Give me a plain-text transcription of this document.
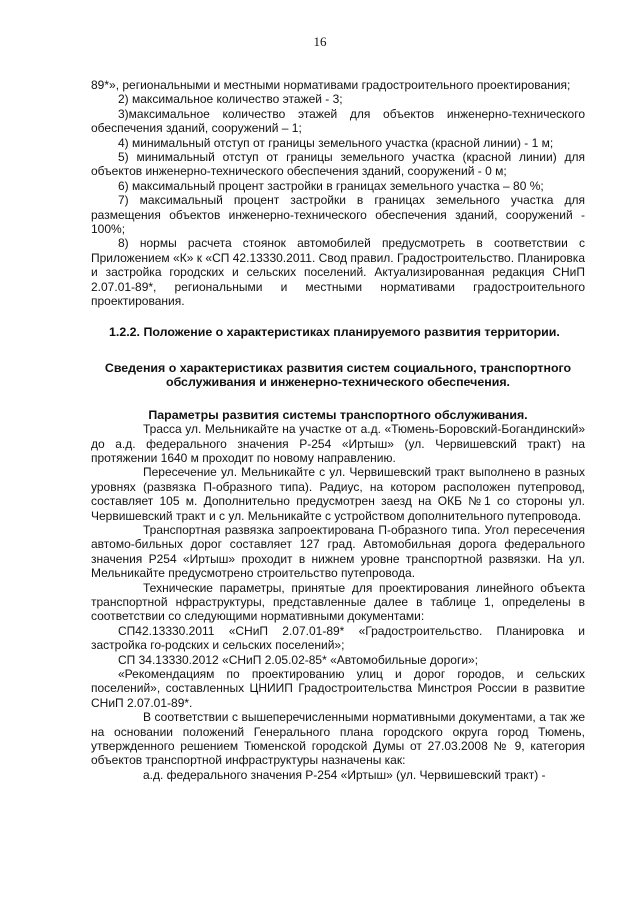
16

89*», региональными и местными нормативами градостроительного проектирования;

2) максимальное количество этажей - 3;

3)максимальное количество этажей для объектов инженерно-технического обеспечения зданий, сооружений – 1;

4) минимальный отступ от границы земельного участка (красной линии) - 1 м;

5) минимальный отступ от границы земельного участка (красной линии) для объектов инженерно-технического обеспечения зданий, сооружений - 0 м;

6) максимальный процент застройки в границах земельного участка – 80 %;

7) максимальный процент застройки в границах земельного участка для размещения объектов инженерно-технического обеспечения зданий, сооружений - 100%;

8) нормы расчета стоянок автомобилей предусмотреть в соответствии с Приложением «К» к «СП 42.13330.2011. Свод правил. Градостроительство. Планировка и застройка городских и сельских поселений. Актуализированная редакция СНиП 2.07.01-89*, региональными и местными нормативами градостроительного проектирования.

1.2.2. Положение о характеристиках планируемого развития территории.

Сведения о характеристиках развития систем социального, транспортного обслуживания и инженерно-технического обеспечения.

Параметры развития системы транспортного обслуживания.

Трасса ул. Мельникайте на участке от а.д. «Тюмень-Боровский-Богандинский» до а.д. федерального значения Р-254 «Иртыш» (ул. Червишевский тракт) на протяжении 1640 м проходит по новому направлению.

Пересечение ул. Мельникайте с ул. Червишевский тракт выполнено в разных уровнях (развязка П-образного типа). Радиус, на котором расположен путепровод, составляет 105 м. Дополнительно предусмотрен заезд на ОКБ №1 со стороны ул. Червишевский тракт и с ул. Мельникайте с устройством дополнительного путепровода.

Транспортная развязка запроектирована П-образного типа. Угол пересечения автомо-бильных дорог составляет 127 град. Автомобильная дорога федерального значения Р254 «Иртыш» проходит в нижнем уровне транспортной развязки. На ул. Мельникайте предусмотрено строительство путепровода.

Технические параметры, принятые для проектирования линейного объекта транспортной нфраструктуры, представленные далее в таблице 1, определены в соответствии со следующими нормативными документами:

СП42.13330.2011 «СНиП 2.07.01-89* «Градостроительство. Планировка и застройка го-родских и сельских поселений»;

СП 34.13330.2012 «СНиП 2.05.02-85* «Автомобильные дороги»;

«Рекомендациям по проектированию улиц и дорог городов, и сельских поселений», составленных ЦНИИП Градостроительства Минстроя России в развитие СНиП 2.07.01-89*.

В соответствии с вышеперечисленными нормативными документами, а так же на основании положений Генерального плана городского округа город Тюмень, утвержденного решением Тюменской городской Думы от 27.03.2008 № 9, категория объектов транспортной инфраструктуры назначены как:

а.д. федерального значения Р-254 «Иртыш» (ул. Червишевский тракт) -
